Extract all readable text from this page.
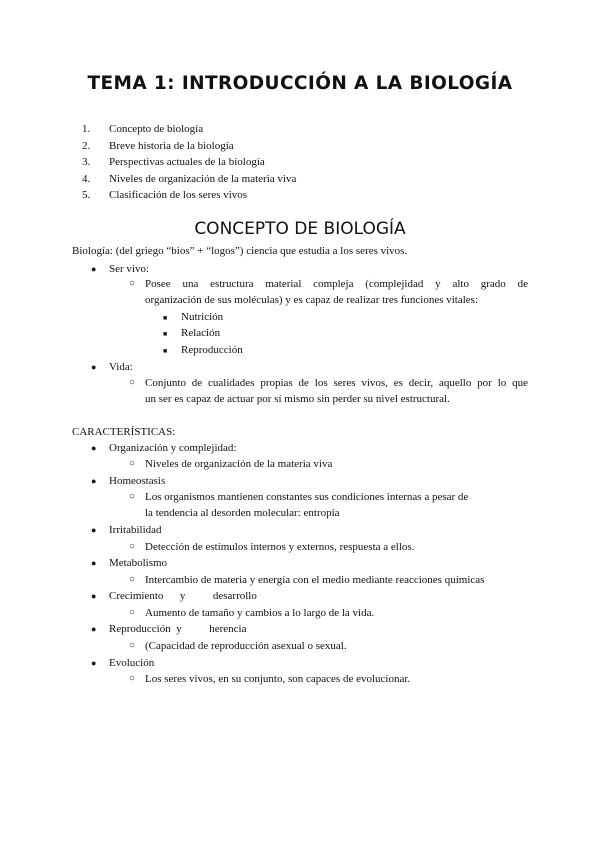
TEMA 1: INTRODUCCIÓN A LA BIOLOGÍA
1. Concepto de biología
2. Breve historia de la biología
3. Perspectivas actuales de la biología
4. Niveles de organización de la materia viva
5. Clasificación de los seres vivos
CONCEPTO DE BIOLOGÍA
Biología: (del griego “bios” + “logos”) ciencia que estudia a los seres vivos.
● Ser vivo:
○ Posee una estructura material compleja (complejidad y alto grado de
organización de sus moléculas) y es capaz de realizar tres funciones vitales:
■ Nutrición
■ Relación
■ Reproducción
● Vida:
○ Conjunto de cualidades propias de los seres vivos, es decir, aquello por lo que
un ser es capaz de actuar por sí mismo sin perder su nivel estructural.
CARACTERÍSTICAS:
● Organización y complejidad:
○ Niveles de organización de la materia viva
● Homeostasis
○ Los organismos mantienen constantes sus condiciones internas a pesar de
la tendencia al desorden molecular: entropía
● Irritabilidad
○ Detección de estímulos internos y externos, respuesta a ellos.
● Metabolismo
○ Intercambio de materia y energía con el medio mediante reacciones químicas
● Crecimiento      y          desarrollo
○ Aumento de tamaño y cambios a lo largo de la vida.
● Reproducción  y          herencia
○ (Capacidad de reproducción asexual o sexual.
● Evolución
○ Los seres vivos, en su conjunto, son capaces de evolucionar.
